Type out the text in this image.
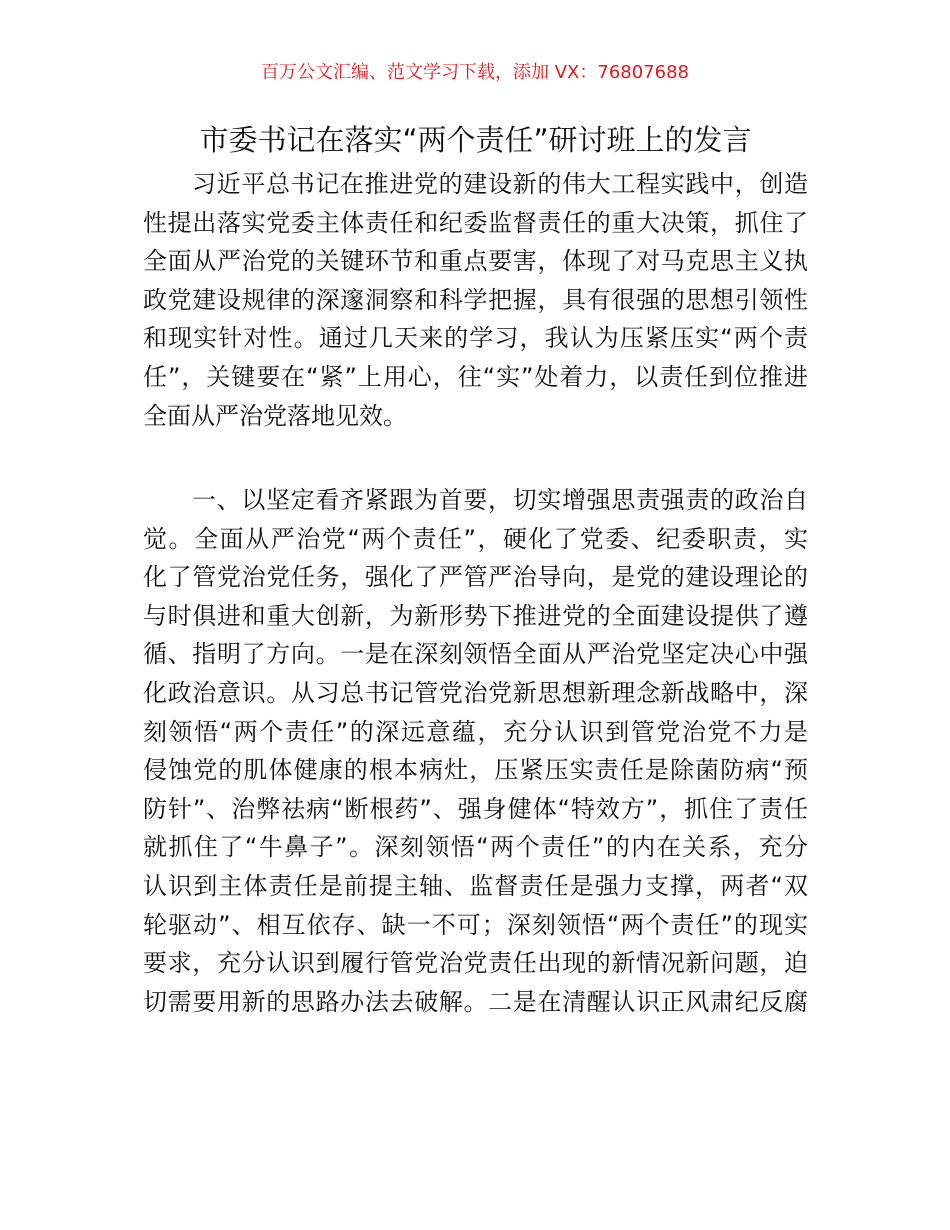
百万公文汇编、范文学习下载，添加 VX：76807688
市委书记在落实“两个责任”研讨班上的发言
习近平总书记在推进党的建设新的伟大工程实践中，创造
性提出落实党委主体责任和纪委监督责任的重大决策，抓住了
全面从严治党的关键环节和重点要害，体现了对马克思主义执
政党建设规律的深邃洞察和科学把握，具有很强的思想引领性
和现实针对性。通过几天来的学习，我认为压紧压实“两个责
任”，关键要在“紧”上用心，往“实”处着力，以责任到位推进
全面从严治党落地见效。
一、以坚定看齐紧跟为首要，切实增强思责强责的政治自
觉。全面从严治党“两个责任”，硬化了党委、纪委职责，实
化了管党治党任务，强化了严管严治导向，是党的建设理论的
与时俱进和重大创新，为新形势下推进党的全面建设提供了遵
循、指明了方向。一是在深刻领悟全面从严治党坚定决心中强
化政治意识。从习总书记管党治党新思想新理念新战略中，深
刻领悟“两个责任”的深远意蕴，充分认识到管党治党不力是
侵蚀党的肌体健康的根本病灶，压紧压实责任是除菌防病“预
防针”、治弊祛病“断根药”、强身健体“特效方”，抓住了责任
就抓住了“牛鼻子”。深刻领悟“两个责任”的内在关系，充分
认识到主体责任是前提主轴、监督责任是强力支撑，两者“双
轮驱动”、相互依存、缺一不可；深刻领悟“两个责任”的现实
要求，充分认识到履行管党治党责任出现的新情况新问题，迫
切需要用新的思路办法去破解。二是在清醒认识正风肃纪反腐
